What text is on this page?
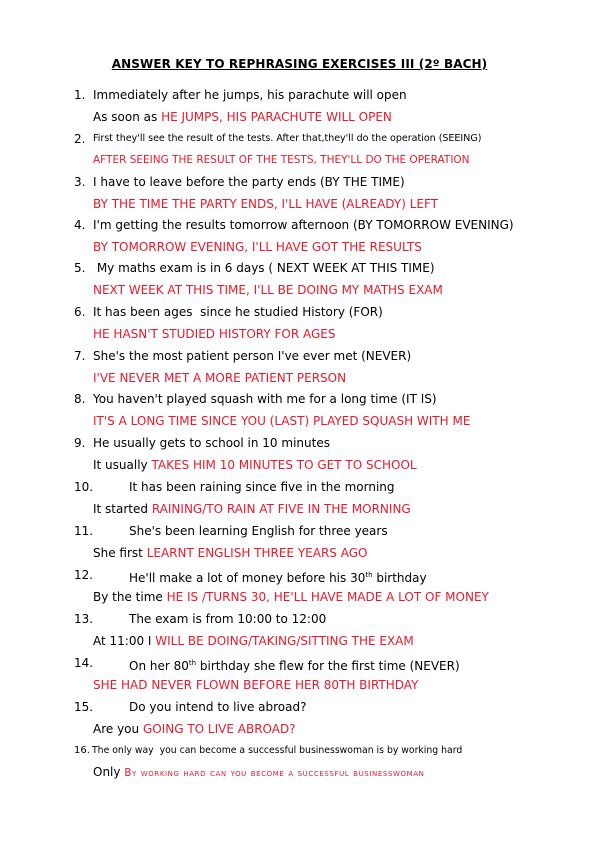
ANSWER KEY TO REPHRASING EXERCISES III (2º BACH)
1. Immediately after he jumps, his parachute will open
As soon as HE JUMPS, HIS PARACHUTE WILL OPEN
2. First they'll see the result of the tests. After that,they'll do the operation (SEEING)
AFTER SEEING THE RESULT OF THE TESTS, THEY'LL DO THE OPERATION
3. I have to leave before the party ends (BY THE TIME)
BY THE TIME THE PARTY ENDS, I'LL HAVE (ALREADY) LEFT
4. I'm getting the results tomorrow afternoon (BY TOMORROW EVENING)
BY TOMORROW EVENING, I'LL HAVE GOT THE RESULTS
5. My maths exam is in 6 days ( NEXT WEEK AT THIS TIME)
NEXT WEEK AT THIS TIME, I'LL BE DOING MY MATHS EXAM
6. It has been ages  since he studied History (FOR)
HE HASN'T STUDIED HISTORY FOR AGES
7. She's the most patient person I've ever met (NEVER)
I'VE NEVER MET A MORE PATIENT PERSON
8. You haven't played squash with me for a long time (IT IS)
IT'S A LONG TIME SINCE YOU (LAST) PLAYED SQUASH WITH ME
9. He usually gets to school in 10 minutes
It usually TAKES HIM 10 MINUTES TO GET TO SCHOOL
10.	It has been raining since five in the morning
It started RAINING/TO RAIN AT FIVE IN THE MORNING
11.	She's been learning English for three years
She first LEARNT ENGLISH THREE YEARS AGO
12.	He'll make a lot of money before his 30th birthday
By the time HE IS /TURNS 30, HE'LL HAVE MADE A LOT OF MONEY
13.	The exam is from 10:00 to 12:00
At 11:00 I WILL BE DOING/TAKING/SITTING THE EXAM
14.	On her 80th birthday she flew for the first time (NEVER)
SHE HAD NEVER FLOWN BEFORE HER 80TH BIRTHDAY
15.	Do you intend to live abroad?
Are you GOING TO LIVE ABROAD?
16. The only way  you can become a successful businesswoman is by working hard
Only By working hard can you become a successful businesswoman
